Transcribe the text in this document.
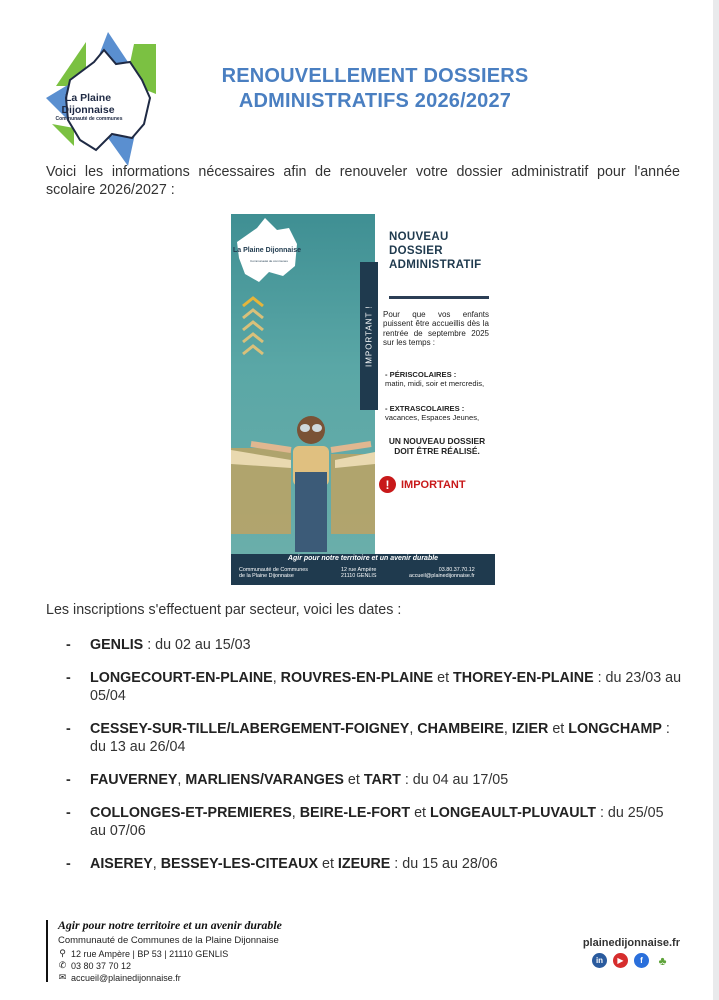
La Plaine Dijonnaise
Communauté de communes
RENOUVELLEMENT DOSSIERS
ADMINISTRATIFS 2026/2027
Voici les informations nécessaires afin de renouveler votre dossier administratif pour l'année
scolaire 2026/2027 :
La Plaine Dijonnaise
Communauté de communes
IMPORTANT !
NOUVEAU DOSSIER ADMINISTRATIF
Pour que vos enfants puissent être accueillis dès la rentrée de septembre 2025 sur les temps :
- PÉRISCOLAIRES :
matin, midi, soir et mercredis,
- EXTRASCOLAIRES :
vacances, Espaces Jeunes,
UN NOUVEAU DOSSIER DOIT ÊTRE RÉALISÉ.
!	IMPORTANT
Agir pour notre territoire et un avenir durable
Communauté de Communes
de la Plaine Dijonnaise
12 rue Ampère
21110 GENLIS
03.80.37.70.12
accueil@plainedijonnaise.fr
Les inscriptions s'effectuent par secteur, voici les dates :
- GENLIS : du 02 au 15/03
- LONGECOURT-EN-PLAINE, ROUVRES-EN-PLAINE et THOREY-EN-PLAINE : du 23/03 au 05/04
- CESSEY-SUR-TILLE/LABERGEMENT-FOIGNEY, CHAMBEIRE, IZIER et LONGCHAMP : du 13 au 26/04
- FAUVERNEY, MARLIENS/VARANGES et TART : du 04 au 17/05
- COLLONGES-ET-PREMIERES, BEIRE-LE-FORT et LONGEAULT-PLUVAULT : du 25/05 au 07/06
- AISEREY, BESSEY-LES-CITEAUX et IZEURE : du 15 au 28/06
Agir pour notre territoire et un avenir durable
Communauté de Communes de la Plaine Dijonnaise
⚲ 12 rue Ampère | BP 53 | 21110 GENLIS
✆ 03 80 37 70 12
✉ accueil@plainedijonnaise.fr
plainedijonnaise.fr
in	▶	f	♣
